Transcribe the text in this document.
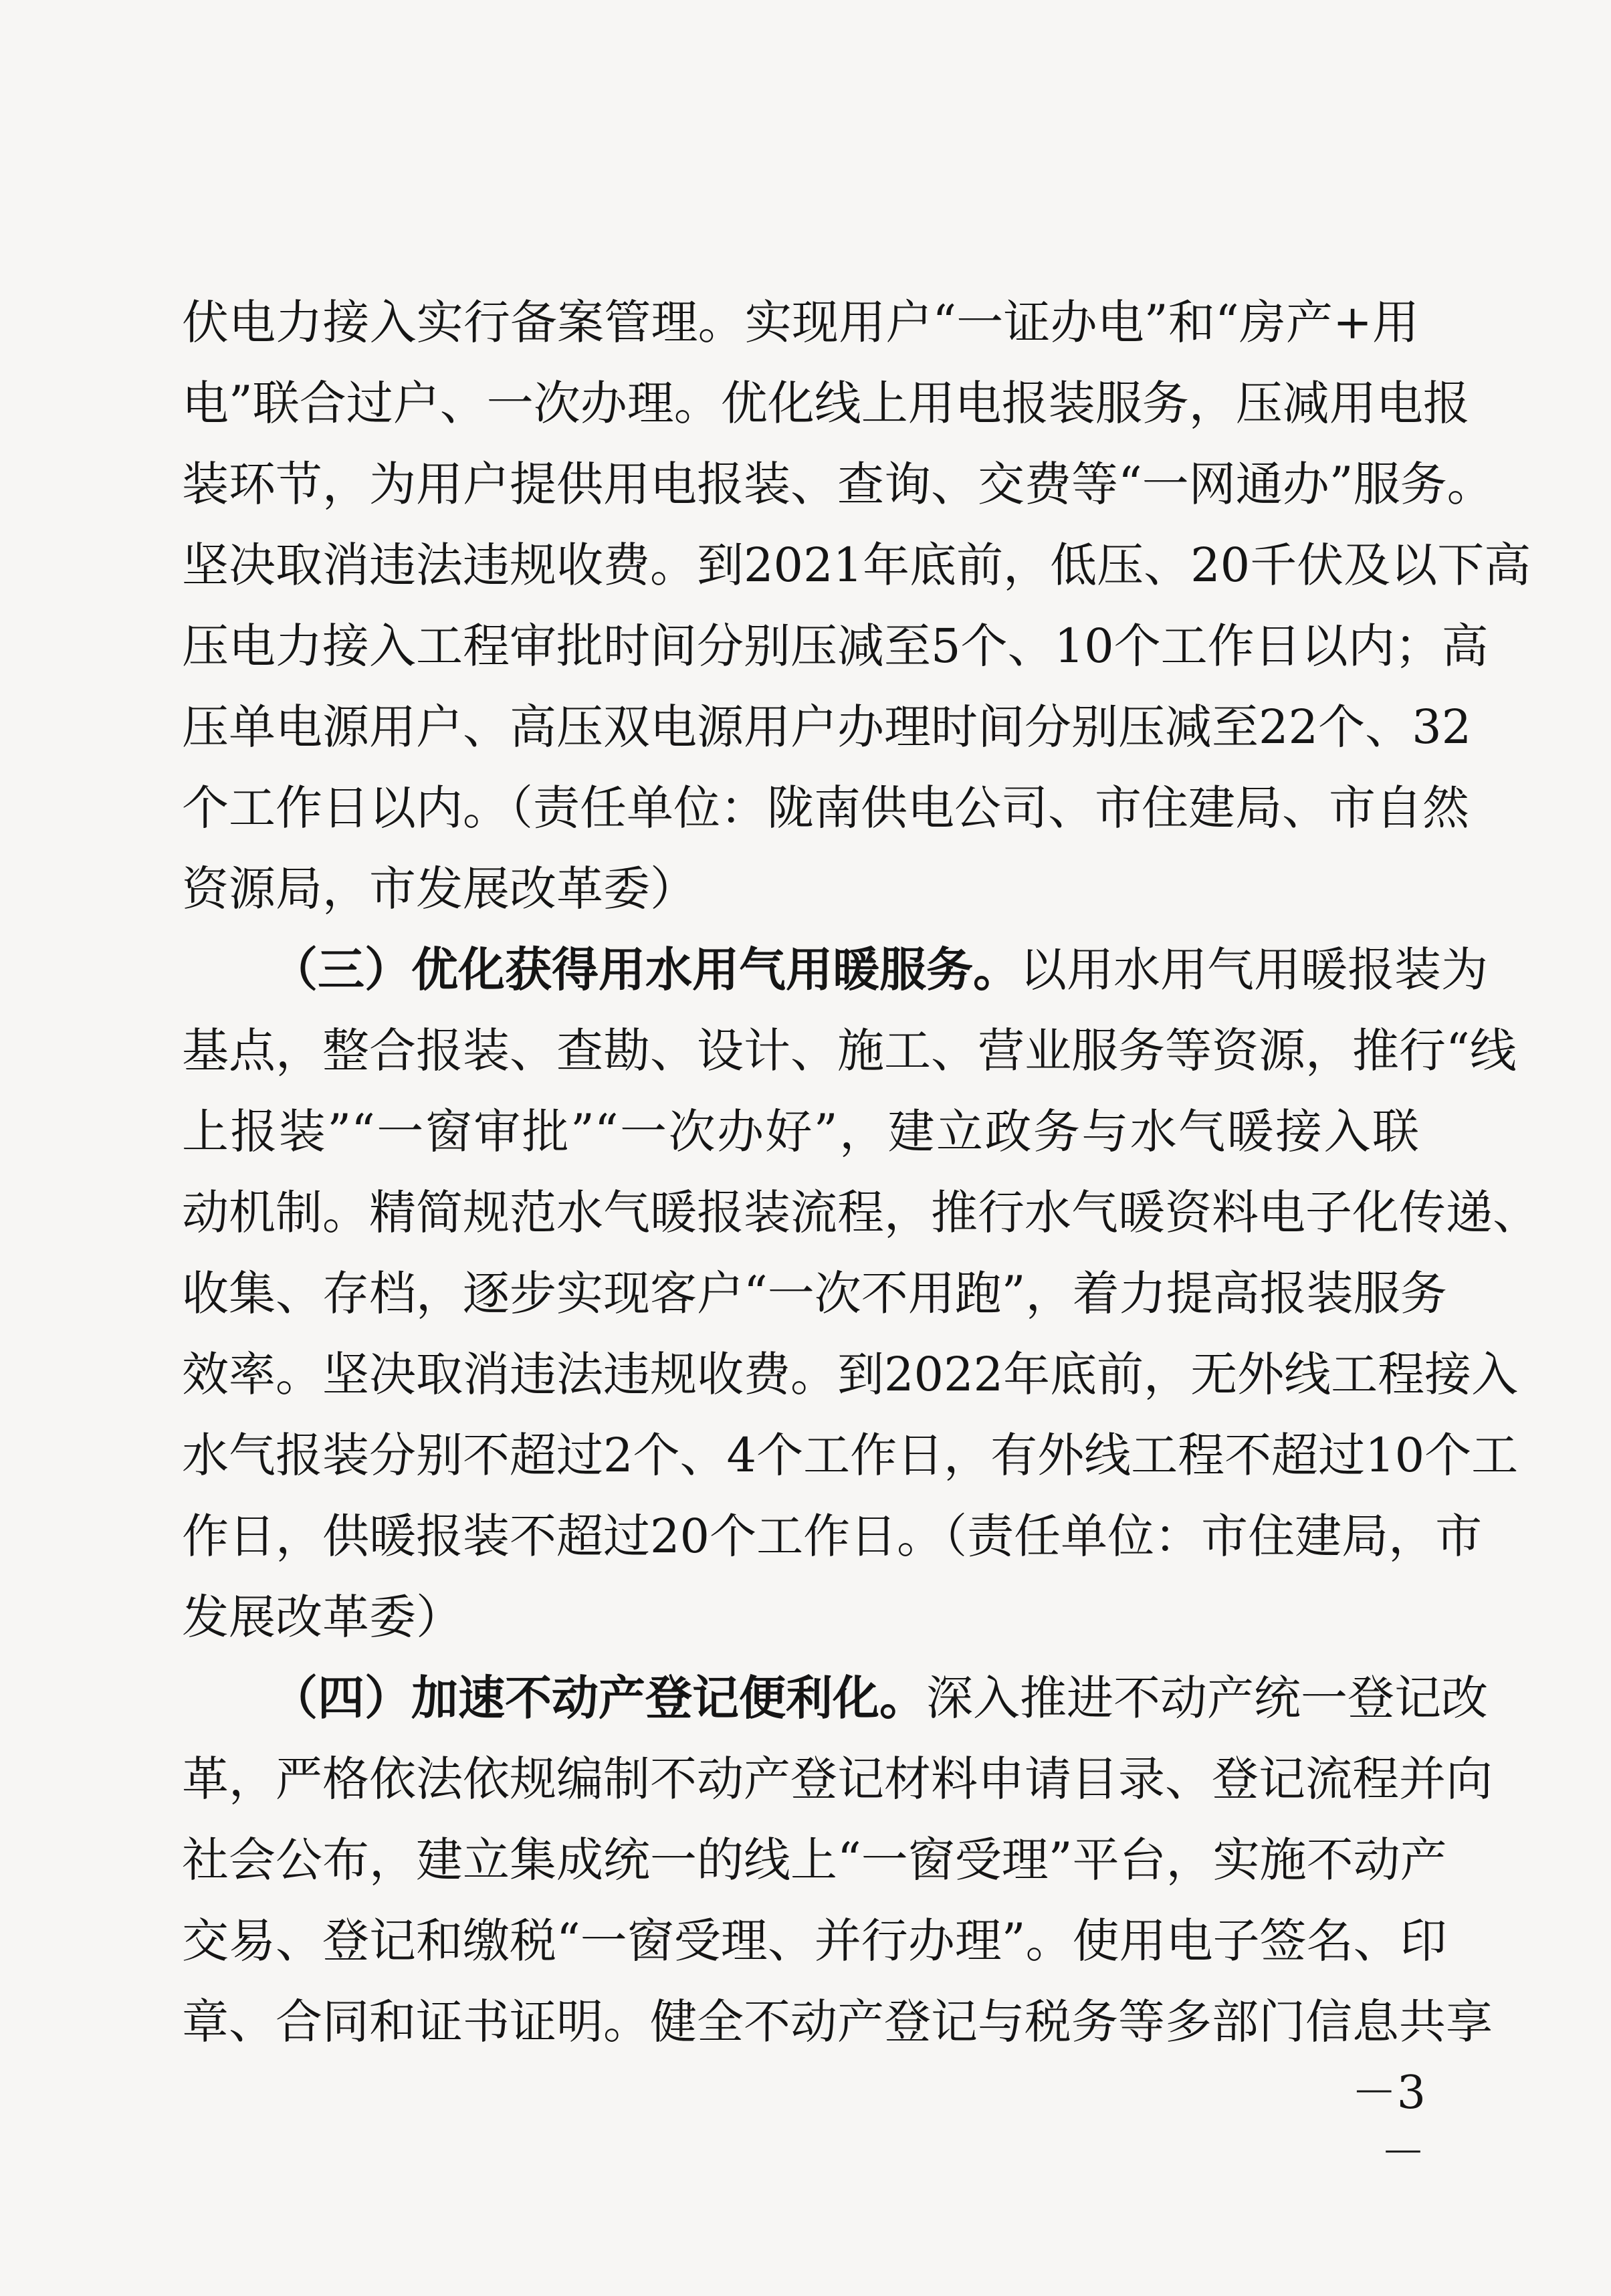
伏电力接入实行备案管理。实现用户“一证办电”和“房产+用
电”联合过户、一次办理。优化线上用电报装服务，压减用电报
装环节，为用户提供用电报装、查询、交费等“一网通办”服务。
坚决取消违法违规收费。到2021年底前，低压、20千伏及以下高
压电力接入工程审批时间分别压减至5个、10个工作日以内；高
压单电源用户、高压双电源用户办理时间分别压减至22个、32
个工作日以内。（责任单位：陇南供电公司、市住建局、市自然
资源局，市发展改革委）
（三）优化获得用水用气用暖服务。以用水用气用暖报装为
基点，整合报装、查勘、设计、施工、营业服务等资源，推行“线
上报装”“一窗审批”“一次办好”，建立政务与水气暖接入联
动机制。精简规范水气暖报装流程，推行水气暖资料电子化传递、
收集、存档，逐步实现客户“一次不用跑”，着力提高报装服务
效率。坚决取消违法违规收费。到2022年底前，无外线工程接入
水气报装分别不超过2个、4个工作日，有外线工程不超过10个工
作日，供暖报装不超过20个工作日。（责任单位：市住建局，市
发展改革委）
（四）加速不动产登记便利化。深入推进不动产统一登记改
革，严格依法依规编制不动产登记材料申请目录、登记流程并向
社会公布，建立集成统一的线上“一窗受理”平台，实施不动产
交易、登记和缴税“一窗受理、并行办理”。使用电子签名、印
章、合同和证书证明。健全不动产登记与税务等多部门信息共享
－3－
